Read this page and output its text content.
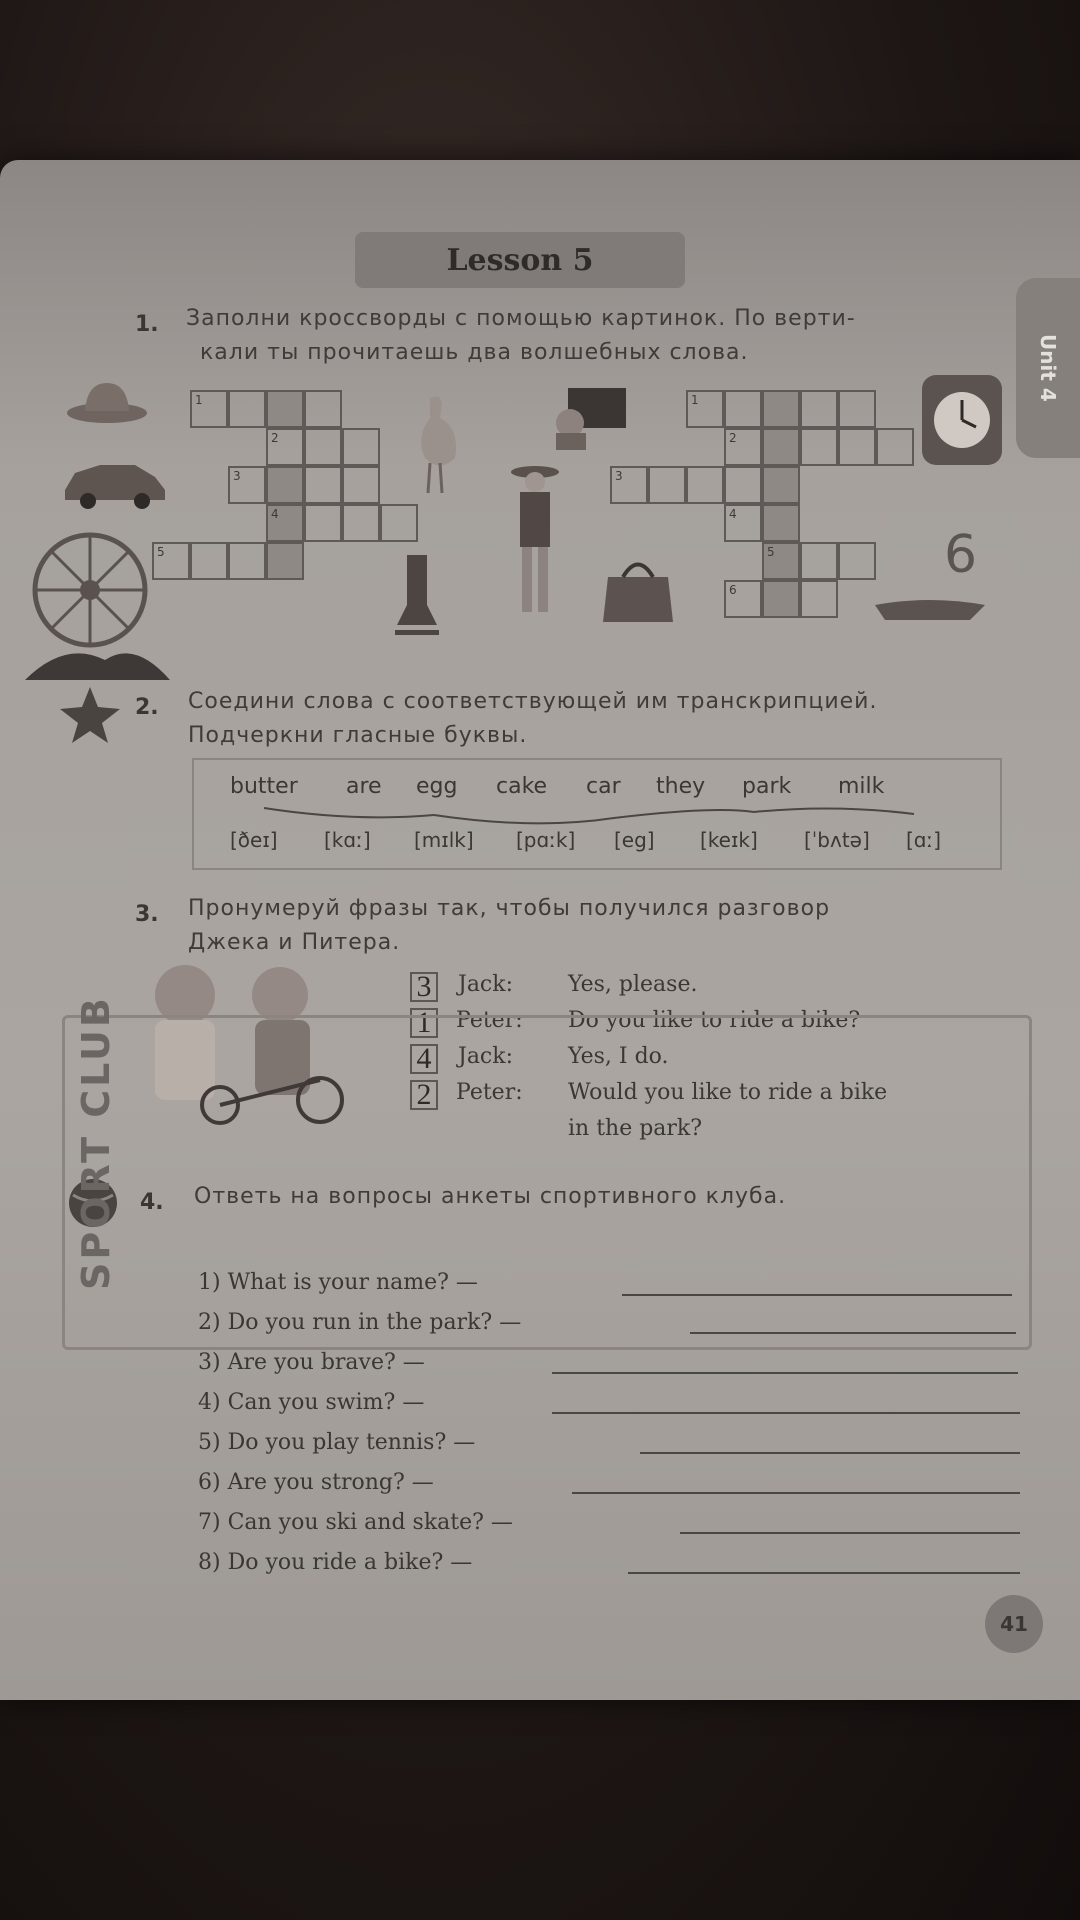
Lesson 5
Unit 4
1. Заполни кроссворды с помощью картинок. По верти-
кали ты прочитаешь два волшебных слова.
1
2
3
4
5
1
2
3
4
5
6
6
2. Соедини слова с соответствующей им транскрипцией.
Подчеркни гласные буквы.
butter are egg cake car they park milk
[ðeɪ] [kɑː] [mɪlk] [pɑːk] [eg] [keɪk] [ˈbʌtə] [ɑː]
3. Пронумеруй фразы так, чтобы получился разговор
Джека и Питера.
3 Jack:	Yes, please.
1 Peter: Do you like to ride a bike?
4 Jack:	Yes, I do.
2 Peter: Would you like to ride a bike
in the park?
4. Ответь на вопросы анкеты спортивного клуба.
SPORT CLUB	1) What is your name? —
2) Do you run in the park? —
3) Are you brave? —
4) Can you swim? —
5) Do you play tennis? —
6) Are you strong? —
7) Can you ski and skate? —
8) Do you ride a bike? —
41
